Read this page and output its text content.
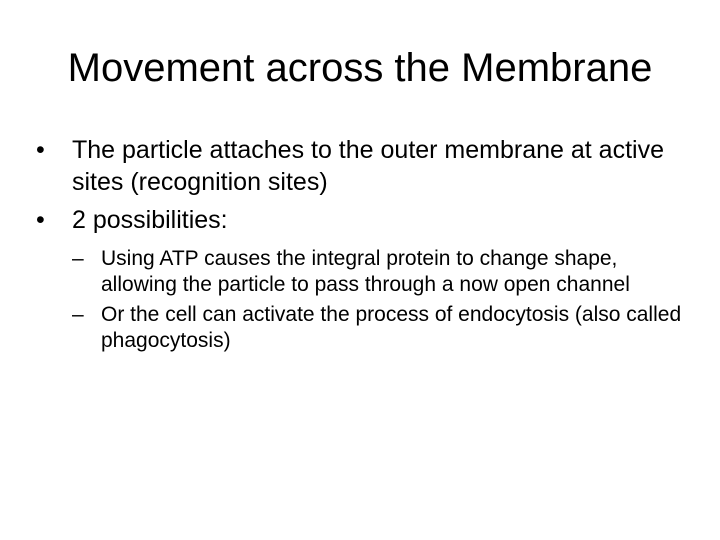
Movement across the Membrane
•	The particle attaches to the outer membrane at active sites (recognition sites)
•	2 possibilities:
– Using ATP causes the integral protein to change shape, allowing the particle to pass through a now open channel
– Or the cell can activate the process of endocytosis (also called phagocytosis)
